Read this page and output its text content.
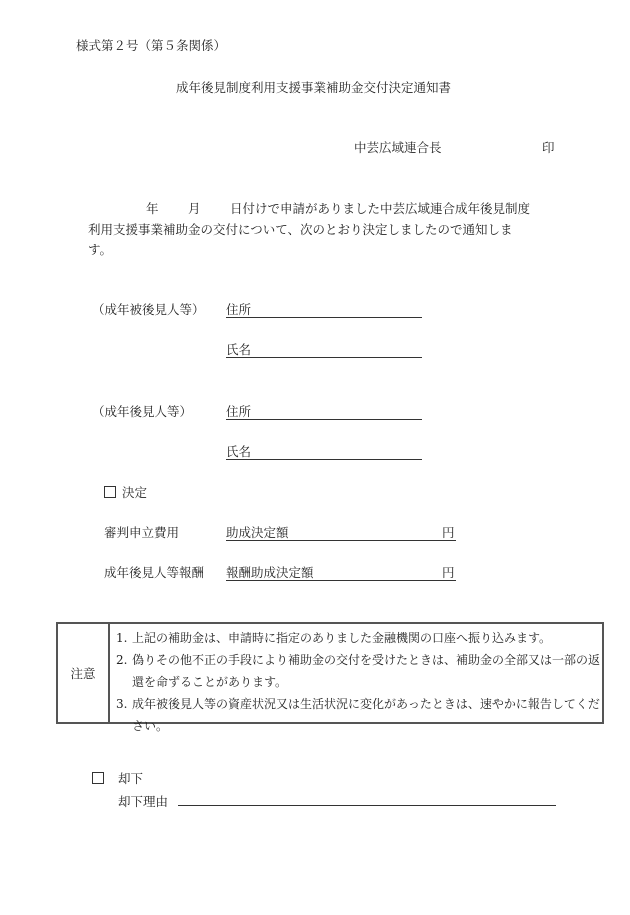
様式第２号（第５条関係）
成年後見制度利用支援事業補助金交付決定通知書
中芸広域連合長	印
年 月 日付けで申請がありました中芸広域連合成年後見制度
利用支援事業補助金の交付について、次のとおり決定しましたので通知しま
す。
（成年被後見人等） 住所
氏名
（成年後見人等）	住所
氏名
決定
審判申立費用	助成決定額	円
成年後見人等報酬 報酬助成決定額	円
注意
1. 上記の補助金は、申請時に指定のありました金融機関の口座へ振り込みます。
2. 偽りその他不正の手段により補助金の交付を受けたときは、補助金の全部又は一部の返還を命ずることがあります。
3. 成年被後見人等の資産状況又は生活状況に変化があったときは、速やかに報告してください。
却下
却下理由
